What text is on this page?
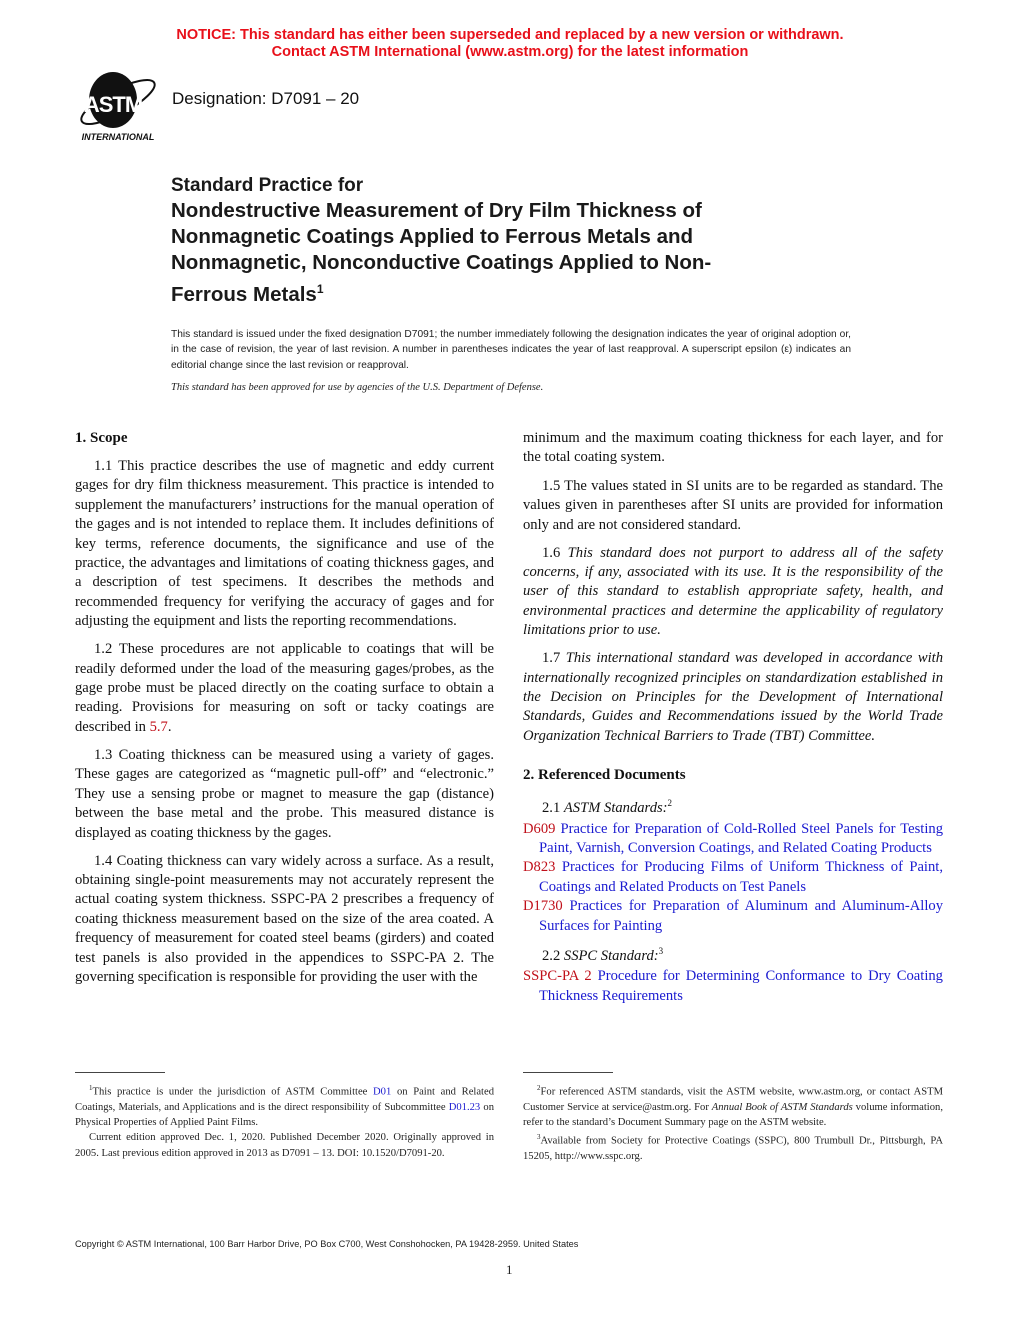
NOTICE: This standard has either been superseded and replaced by a new version or withdrawn.
Contact ASTM International (www.astm.org) for the latest information
ASTM
INTERNATIONAL
Designation: D7091 – 20
Standard Practice for
Nondestructive Measurement of Dry Film Thickness of
Nonmagnetic Coatings Applied to Ferrous Metals and
Nonmagnetic, Nonconductive Coatings Applied to Non-
Ferrous Metals$^1$
This standard is issued under the fixed designation D7091; the number immediately following the designation indicates the year of original adoption or, in the case of revision, the year of last revision. A number in parentheses indicates the year of last reapproval. A superscript epsilon (ε) indicates an editorial change since the last revision or reapproval.
This standard has been approved for use by agencies of the U.S. Department of Defense.

1. Scope

1.1 This practice describes the use of magnetic and eddy current gages for dry film thickness measurement. This practice is intended to supplement the manufacturers’ instructions for the manual operation of the gages and is not intended to replace them. It includes definitions of key terms, reference documents, the significance and use of the practice, the advantages and limitations of coating thickness gages, and a description of test specimens. It describes the methods and recommended frequency for verifying the accuracy of gages and for adjusting the equipment and lists the reporting recommendations.

1.2 These procedures are not applicable to coatings that will be readily deformed under the load of the measuring gages/probes, as the gage probe must be placed directly on the coating surface to obtain a reading. Provisions for measuring on soft or tacky coatings are described in 5.7.

1.3 Coating thickness can be measured using a variety of gages. These gages are categorized as “magnetic pull-off” and “electronic.” They use a sensing probe or magnet to measure the gap (distance) between the base metal and the probe. This measured distance is displayed as coating thickness by the gages.

1.4 Coating thickness can vary widely across a surface. As a result, obtaining single-point measurements may not accurately represent the actual coating system thickness. SSPC-PA 2 prescribes a frequency of coating thickness measurement based on the size of the area coated. A frequency of measurement for coated steel beams (girders) and coated test panels is also provided in the appendices to SSPC-PA 2. The governing specification is responsible for providing the user with the

minimum and the maximum coating thickness for each layer, and for the total coating system.

1.5 The values stated in SI units are to be regarded as standard. The values given in parentheses after SI units are provided for information only and are not considered standard.

1.6 This standard does not purport to address all of the safety concerns, if any, associated with its use. It is the responsibility of the user of this standard to establish appropriate safety, health, and environmental practices and determine the applicability of regulatory limitations prior to use.

1.7 This international standard was developed in accordance with internationally recognized principles on standardization established in the Decision on Principles for the Development of International Standards, Guides and Recommendations issued by the World Trade Organization Technical Barriers to Trade (TBT) Committee.

2. Referenced Documents

2.1 ASTM Standards:$^2$

D609 Practice for Preparation of Cold-Rolled Steel Panels for Testing Paint, Varnish, Conversion Coatings, and Related Coating Products

D823 Practices for Producing Films of Uniform Thickness of Paint, Coatings and Related Products on Test Panels

D1730 Practices for Preparation of Aluminum and Aluminum-Alloy Surfaces for Painting

2.2 SSPC Standard:$^3$

SSPC-PA 2 Procedure for Determining Conformance to Dry Coating Thickness Requirements

$^1$This practice is under the jurisdiction of ASTM Committee D01 on Paint and Related Coatings, Materials, and Applications and is the direct responsibility of Subcommittee D01.23 on Physical Properties of Applied Paint Films.

Current edition approved Dec. 1, 2020. Published December 2020. Originally approved in 2005. Last previous edition approved in 2013 as D7091 – 13. DOI: 10.1520/D7091-20.

$^2$For referenced ASTM standards, visit the ASTM website, www.astm.org, or contact ASTM Customer Service at service@astm.org. For Annual Book of ASTM Standards volume information, refer to the standard’s Document Summary page on the ASTM website.

$^3$Available from Society for Protective Coatings (SSPC), 800 Trumbull Dr., Pittsburgh, PA 15205, http://www.sspc.org.

Copyright © ASTM International, 100 Barr Harbor Drive, PO Box C700, West Conshohocken, PA 19428-2959. United States
1
